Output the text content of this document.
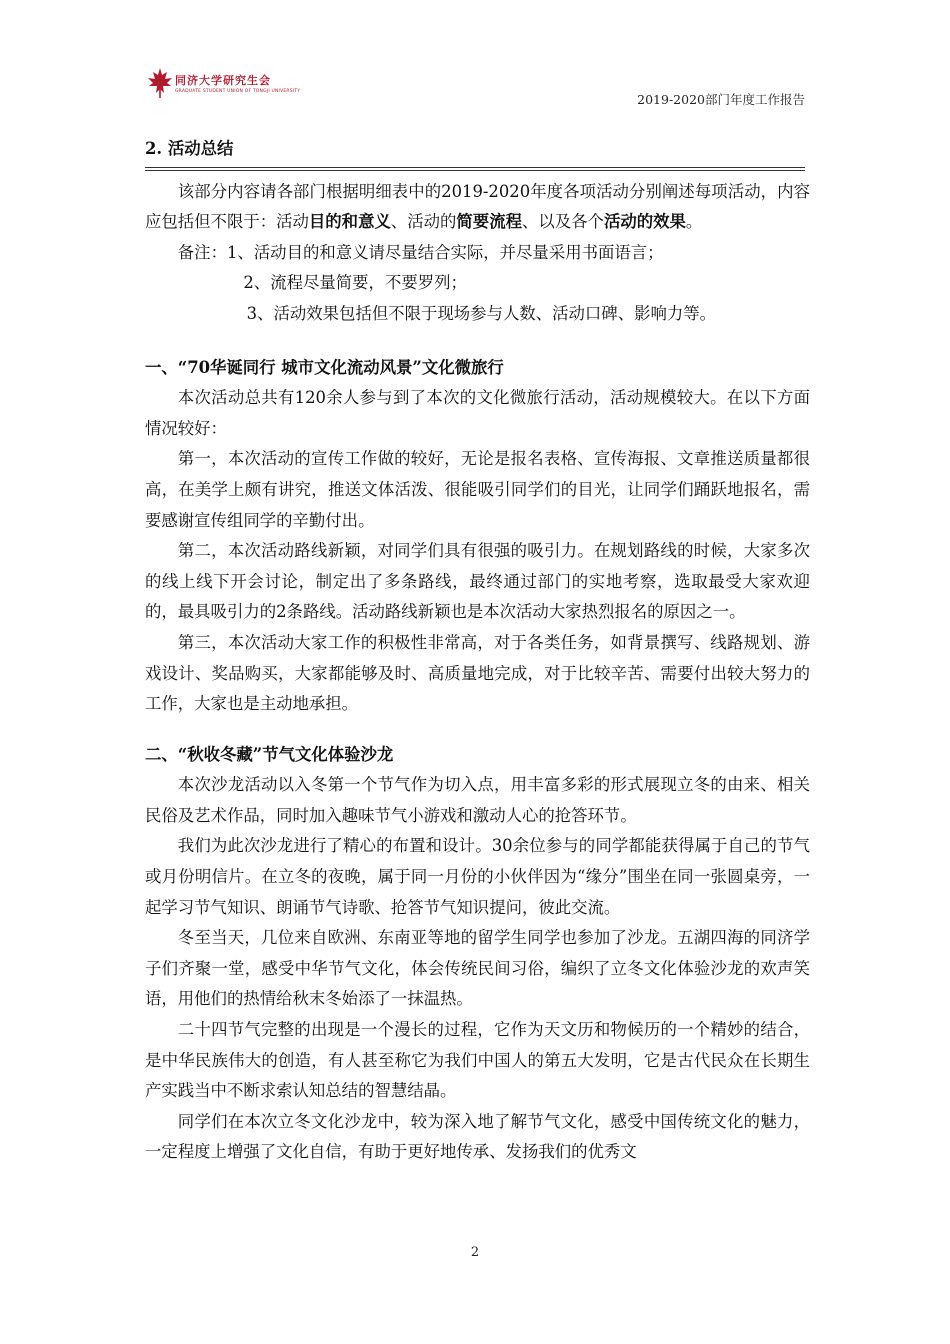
同济大学研究生会
GRADUATE STUDENT UNION OF TONGJI UNIVERSITY
2019-2020部门年度工作报告

2. 活动总结

该部分内容请各部门根据明细表中的2019-2020年度各项活动分别阐述每项活动，内容应包括但不限于：活动目的和意义、活动的简要流程、以及各个活动的效果。

备注：1、活动目的和意义请尽量结合实际，并尽量采用书面语言；

2、流程尽量简要，不要罗列；

3、活动效果包括但不限于现场参与人数、活动口碑、影响力等。

一、“70华诞同行 城市文化流动风景”文化微旅行

本次活动总共有120余人参与到了本次的文化微旅行活动，活动规模较大。在以下方面情况较好：

第一，本次活动的宣传工作做的较好，无论是报名表格、宣传海报、文章推送质量都很高，在美学上颇有讲究，推送文体活泼、很能吸引同学们的目光，让同学们踊跃地报名，需要感谢宣传组同学的辛勤付出。

第二，本次活动路线新颖，对同学们具有很强的吸引力。在规划路线的时候，大家多次的线上线下开会讨论，制定出了多条路线，最终通过部门的实地考察，选取最受大家欢迎的，最具吸引力的2条路线。活动路线新颖也是本次活动大家热烈报名的原因之一。

第三，本次活动大家工作的积极性非常高，对于各类任务，如背景撰写、线路规划、游戏设计、奖品购买，大家都能够及时、高质量地完成，对于比较辛苦、需要付出较大努力的工作，大家也是主动地承担。

二、“秋收冬藏”节气文化体验沙龙

本次沙龙活动以入冬第一个节气作为切入点，用丰富多彩的形式展现立冬的由来、相关民俗及艺术作品，同时加入趣味节气小游戏和激动人心的抢答环节。

我们为此次沙龙进行了精心的布置和设计。30余位参与的同学都能获得属于自己的节气或月份明信片。在立冬的夜晚，属于同一月份的小伙伴因为“缘分”围坐在同一张圆桌旁，一起学习节气知识、朗诵节气诗歌、抢答节气知识提问，彼此交流。

冬至当天，几位来自欧洲、东南亚等地的留学生同学也参加了沙龙。五湖四海的同济学子们齐聚一堂，感受中华节气文化，体会传统民间习俗，编织了立冬文化体验沙龙的欢声笑语，用他们的热情给秋末冬始添了一抹温热。

二十四节气完整的出现是一个漫长的过程，它作为天文历和物候历的一个精妙的结合，是中华民族伟大的创造，有人甚至称它为我们中国人的第五大发明，它是古代民众在长期生产实践当中不断求索认知总结的智慧结晶。

同学们在本次立冬文化沙龙中，较为深入地了解节气文化，感受中国传统文化的魅力，一定程度上增强了文化自信，有助于更好地传承、发扬我们的优秀文

2
